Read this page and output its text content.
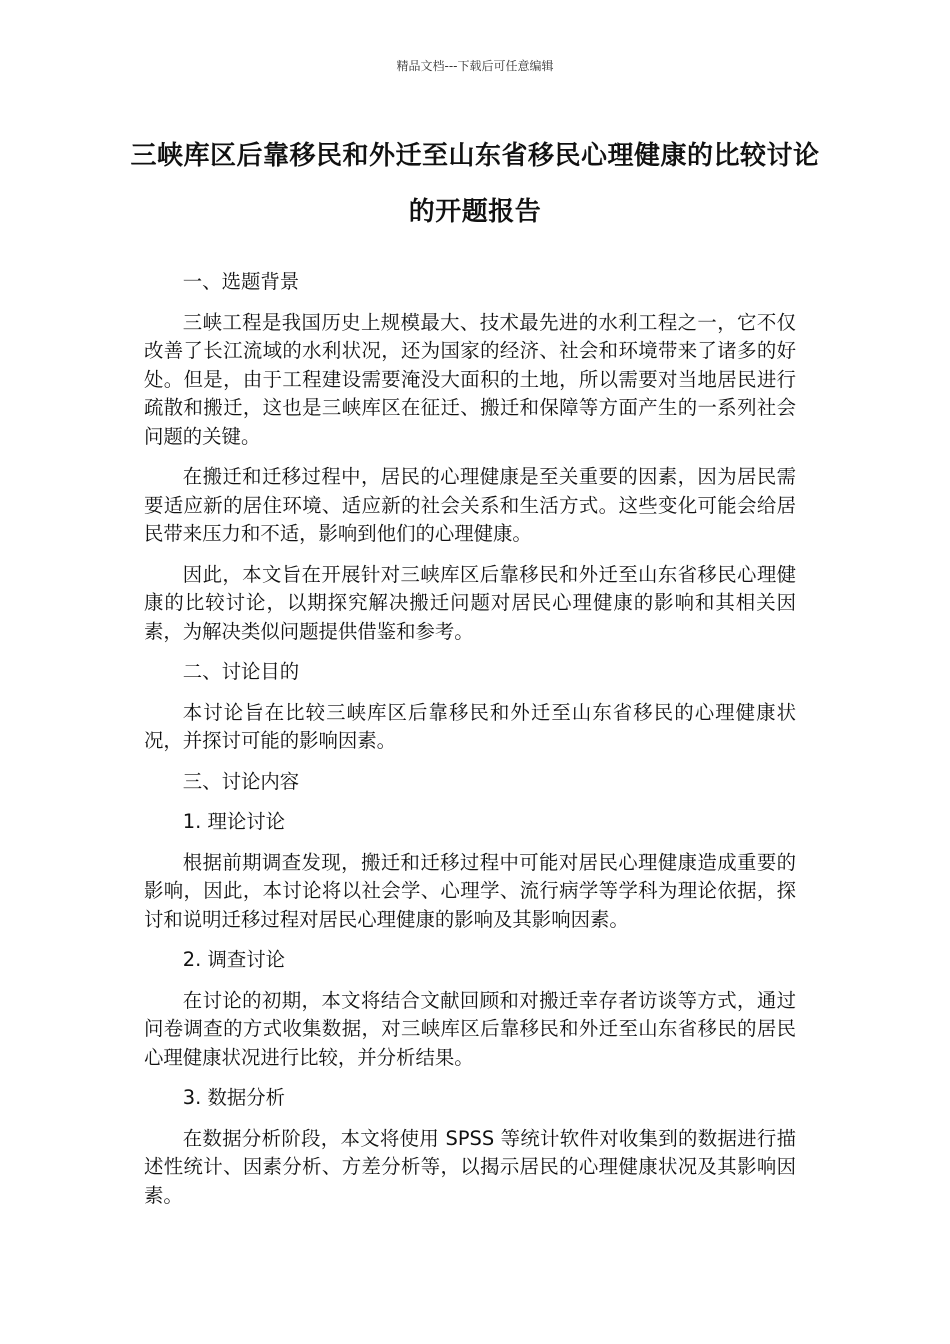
精品文档---下载后可任意编辑
三峡库区后靠移民和外迁至山东省移民心理健康的比较讨论的开题报告

一、选题背景

三峡工程是我国历史上规模最大、技术最先进的水利工程之一，它不仅改善了长江流域的水利状况，还为国家的经济、社会和环境带来了诸多的好处。但是，由于工程建设需要淹没大面积的土地，所以需要对当地居民进行疏散和搬迁，这也是三峡库区在征迁、搬迁和保障等方面产生的一系列社会问题的关键。

在搬迁和迁移过程中，居民的心理健康是至关重要的因素，因为居民需要适应新的居住环境、适应新的社会关系和生活方式。这些变化可能会给居民带来压力和不适，影响到他们的心理健康。

因此，本文旨在开展针对三峡库区后靠移民和外迁至山东省移民心理健康的比较讨论，以期探究解决搬迁问题对居民心理健康的影响和其相关因素，为解决类似问题提供借鉴和参考。

二、讨论目的

本讨论旨在比较三峡库区后靠移民和外迁至山东省移民的心理健康状况，并探讨可能的影响因素。

三、讨论内容

1. 理论讨论

根据前期调查发现，搬迁和迁移过程中可能对居民心理健康造成重要的影响，因此，本讨论将以社会学、心理学、流行病学等学科为理论依据，探讨和说明迁移过程对居民心理健康的影响及其影响因素。

2. 调查讨论

在讨论的初期，本文将结合文献回顾和对搬迁幸存者访谈等方式，通过问卷调查的方式收集数据，对三峡库区后靠移民和外迁至山东省移民的居民心理健康状况进行比较，并分析结果。

3. 数据分析

在数据分析阶段，本文将使用 SPSS 等统计软件对收集到的数据进行描述性统计、因素分析、方差分析等，以揭示居民的心理健康状况及其影响因素。
